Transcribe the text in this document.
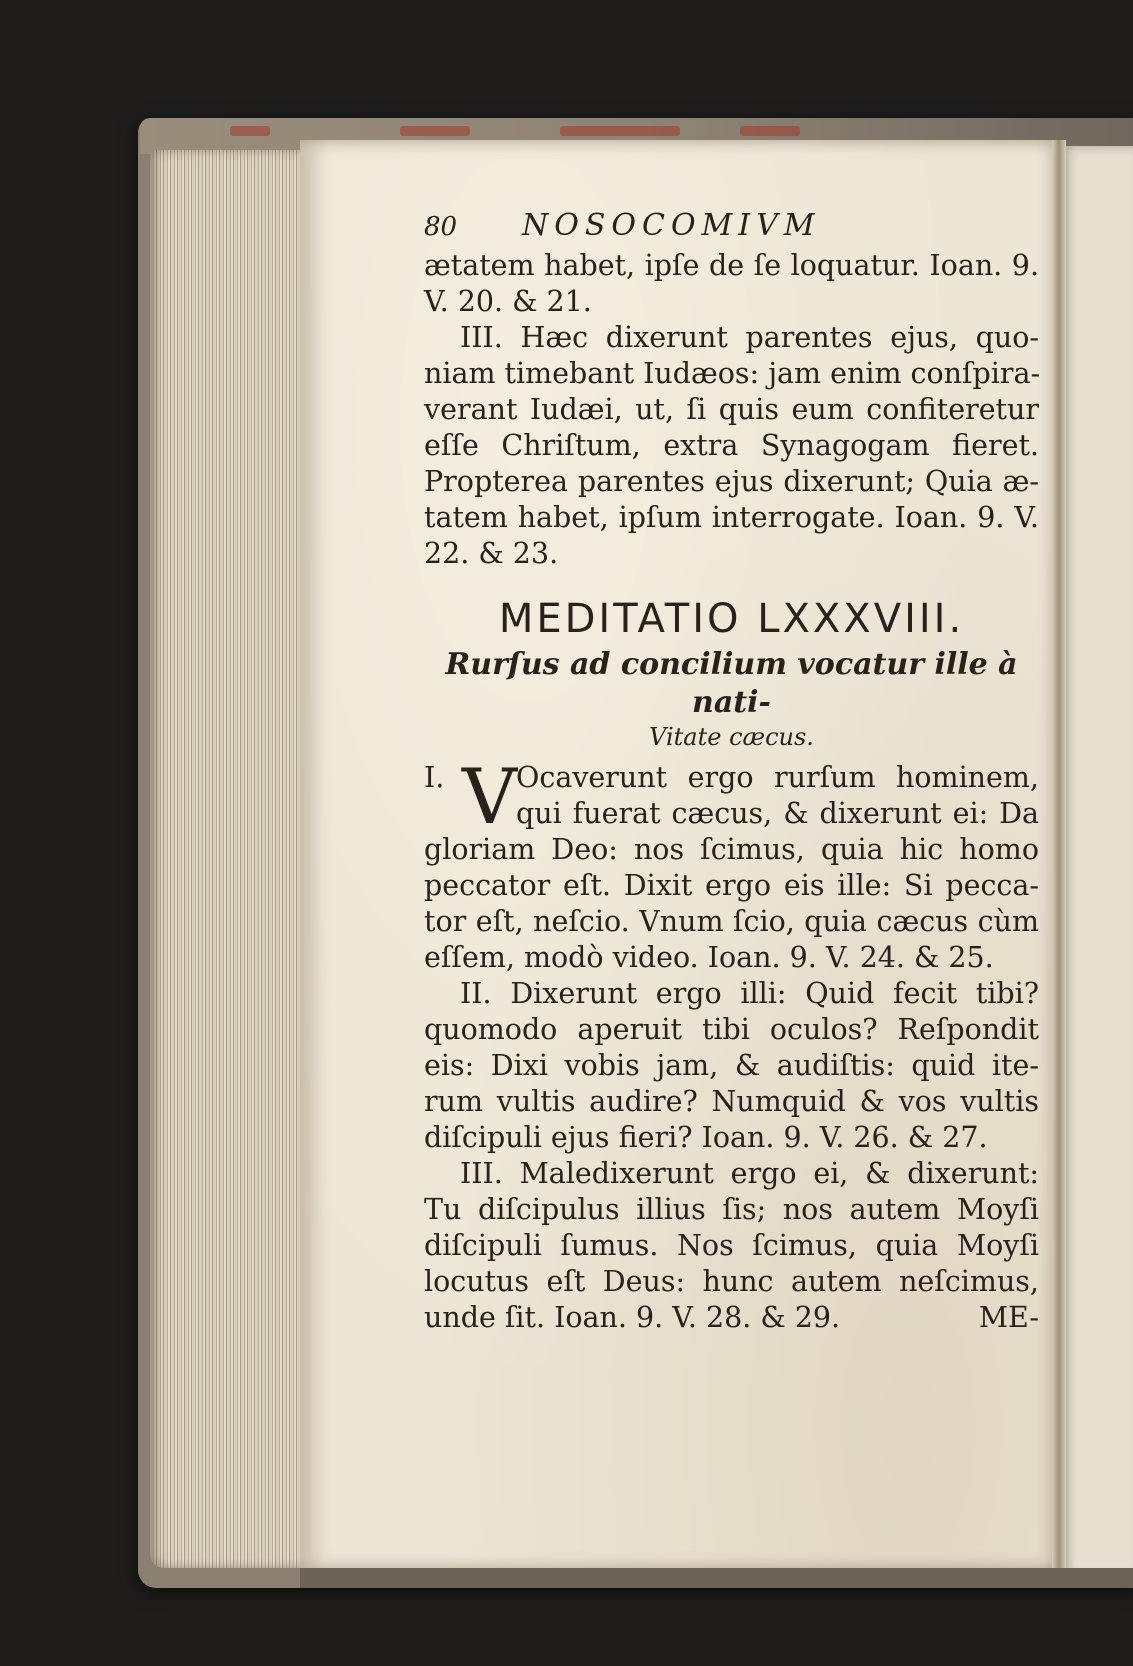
80 NOSOCOMIVM
ætatem habet, ipſe de ſe loquatur. Ioan. 9.
V. 20. & 21.
III. Hæc dixerunt parentes ejus, quo-
niam timebant Iudæos: jam enim conſpira-
verant Iudæi, ut, ſi quis eum confiteretur
eſſe Chriſtum, extra Synagogam fieret.
Propterea parentes ejus dixerunt; Quia æ-
tatem habet, ipſum interrogate. Ioan. 9. V.
22. & 23.
MEDITATIO LXXXVIII.
Rurſus ad concilium vocatur ille à nati-
Vitate cæcus.
V
I.	Ocaverunt ergo rurſum hominem,
qui fuerat cæcus, & dixerunt ei: Da
gloriam Deo: nos ſcimus, quia hic homo
peccator eſt. Dixit ergo eis ille: Si pecca-
tor eſt, neſcio. Vnum ſcio, quia cæcus cùm
eſſem, modò video. Ioan. 9. V. 24. & 25.
II. Dixerunt ergo illi: Quid fecit tibi?
quomodo aperuit tibi oculos? Reſpondit
eis: Dixi vobis jam, & audiſtis: quid ite-
rum vultis audire? Numquid & vos vultis
diſcipuli ejus fieri? Ioan. 9. V. 26. & 27.
III. Maledixerunt ergo ei, & dixerunt:
Tu diſcipulus illius ſis; nos autem Moyſi
diſcipuli ſumus. Nos ſcimus, quia Moyſi
locutus eſt Deus: hunc autem neſcimus,
unde ſit. Ioan. 9. V. 28. & 29.	ME-
